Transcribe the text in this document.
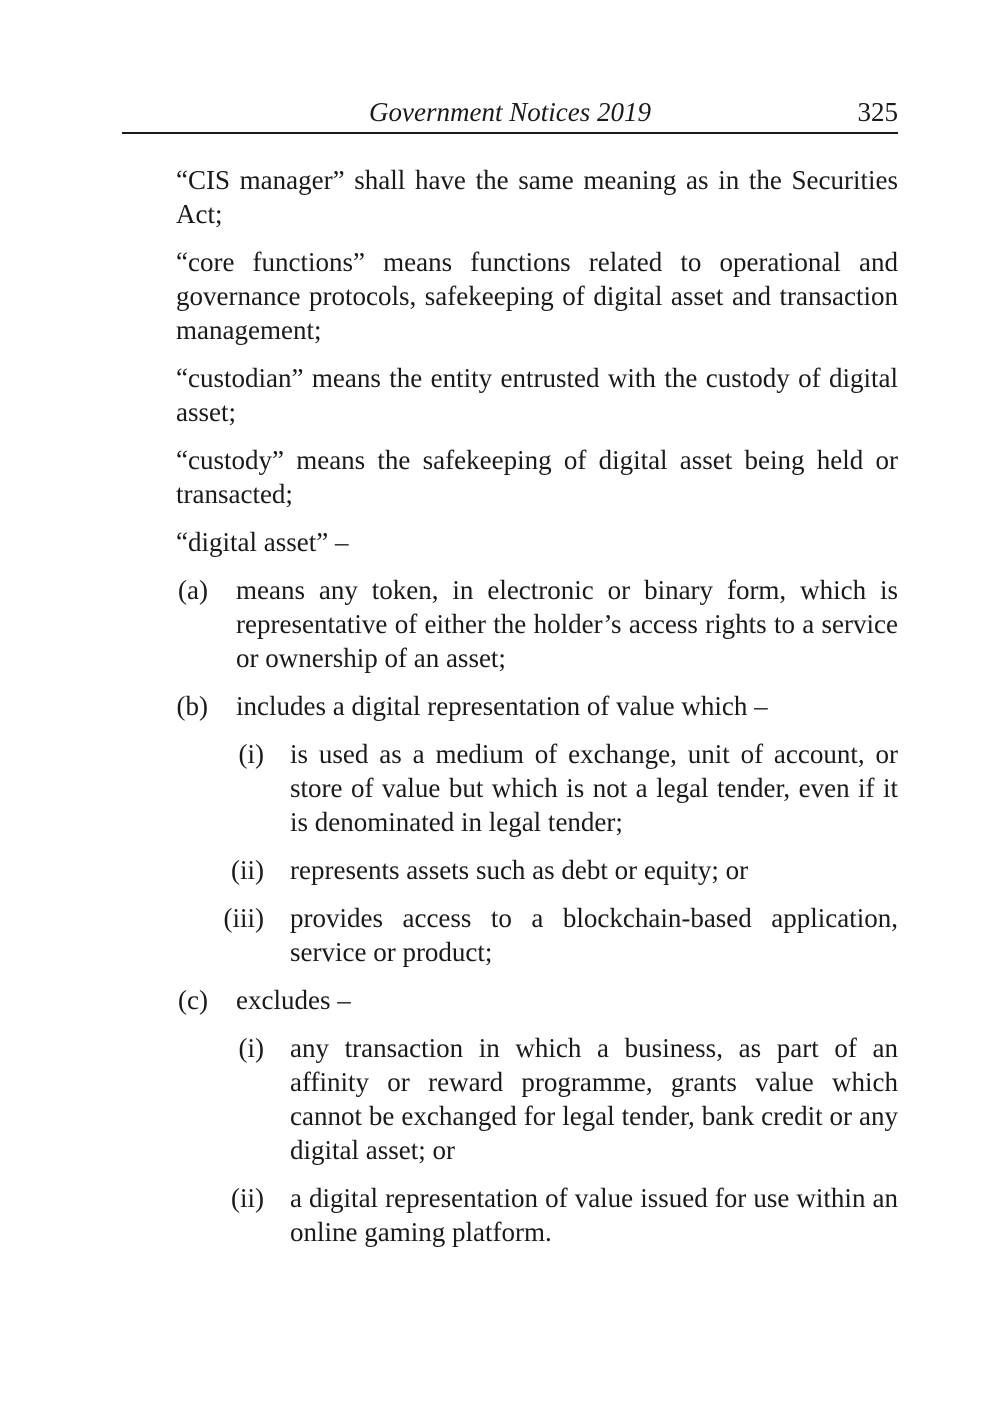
Government Notices 2019	325

“CIS manager” shall have the same meaning as in the Securities Act;

“core functions” means functions related to operational and governance protocols, safekeeping of digital asset and transaction management;

“custodian” means the entity entrusted with the custody of digital asset;

“custody” means the safekeeping of digital asset being held or transacted;

“digital asset” –

(a) means any token, in electronic or binary form, which is representative of either the holder’s access rights to a service or ownership of an asset;
(b) includes a digital representation of value which –
(i) is used as a medium of exchange, unit of account, or store of value but which is not a legal tender, even if it is denominated in legal tender;
(ii) represents assets such as debt or equity; or
(iii) provides access to a blockchain-based application, service or product;
(c) excludes –
(i) any transaction in which a business, as part of an affinity or reward programme, grants value which cannot be exchanged for legal tender, bank credit or any digital asset; or
(ii) a digital representation of value issued for use within an online gaming platform.
